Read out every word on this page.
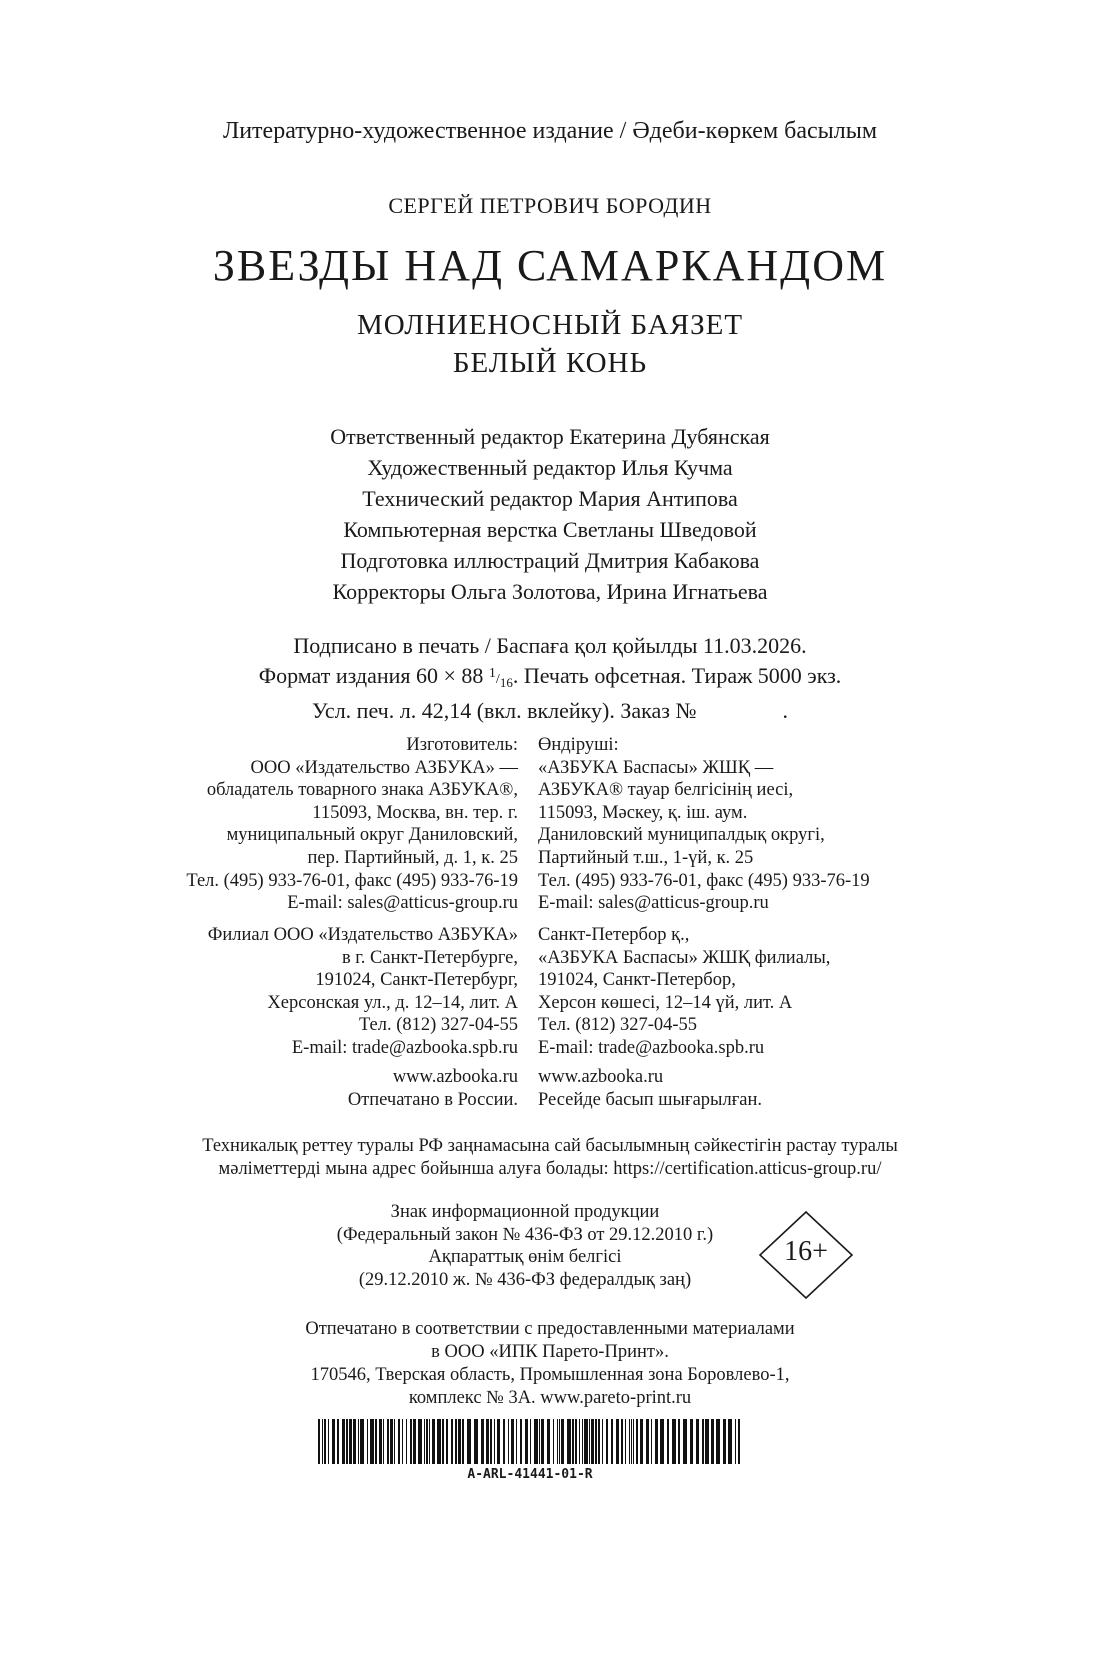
Литературно-художественное издание / Әдеби-көркем басылым
СЕРГЕЙ ПЕТРОВИЧ БОРОДИН
ЗВЕЗДЫ НАД САМАРКАНДОМ
МОЛНИЕНОСНЫЙ БАЯЗЕТ
БЕЛЫЙ КОНЬ
Ответственный редактор Екатерина Дубянская
Художественный редактор Илья Кучма
Технический редактор Мария Антипова
Компьютерная верстка Светланы Шведовой
Подготовка иллюстраций Дмитрия Кабакова
Корректоры Ольга Золотова, Ирина Игнатьева
Подписано в печать / Баспаға қол қойылды 11.03.2026.
Формат издания 60 × 88 $^1/_{16}$. Печать офсетная. Тираж 5000 экз.
Усл. печ. л. 42,14 (вкл. вклейку). Заказ №	.
Изготовитель:
ООО «Издательство АЗБУКА» —
обладатель товарного знака АЗБУКА®,
115093, Москва, вн. тер. г.
муниципальный округ Даниловский,
пер. Партийный, д. 1, к. 25
Тел. (495) 933-76-01, факс (495) 933-76-19
E-mail: sales@atticus-group.ru
Өндіруші:
«АЗБУКА Баспасы» ЖШҚ —
АЗБУКА® тауар белгісінің иесі,
115093, Мәскеу, қ. іш. аум.
Даниловский муниципалдық округі,
Партийный т.ш., 1-үй, к. 25
Тел. (495) 933-76-01, факс (495) 933-76-19
E-mail: sales@atticus-group.ru
Филиал ООО «Издательство АЗБУКА»
в г. Санкт-Петербурге,
191024, Санкт-Петербург,
Херсонская ул., д. 12–14, лит. А
Тел. (812) 327-04-55
E-mail: trade@azbooka.spb.ru
Санкт-Петербор қ.,
«АЗБУКА Баспасы» ЖШҚ филиалы,
191024, Санкт-Петербор,
Херсон көшесі, 12–14 үй, лит. А
Тел. (812) 327-04-55
E-mail: trade@azbooka.spb.ru
www.azbooka.ru
Отпечатано в России.
www.azbooka.ru
Ресейде басып шығарылған.
Техникалық реттеу туралы РФ заңнамасына сай басылымның сәйкестігін растау туралы
мәліметтерді мына адрес бойынша алуға болады: https://certification.atticus-group.ru/
Знак информационной продукции
(Федеральный закон № 436-ФЗ от 29.12.2010 г.)
Ақпараттық өнім белгісі
(29.12.2010 ж. № 436-ФЗ федералдық заң)
16+
Отпечатано в соответствии с предоставленными материалами
в ООО «ИПК Парето-Принт».
170546, Тверская область, Промышленная зона Боровлево-1,
комплекс № 3А. www.pareto-print.ru
A-ARL-41441-01-R
